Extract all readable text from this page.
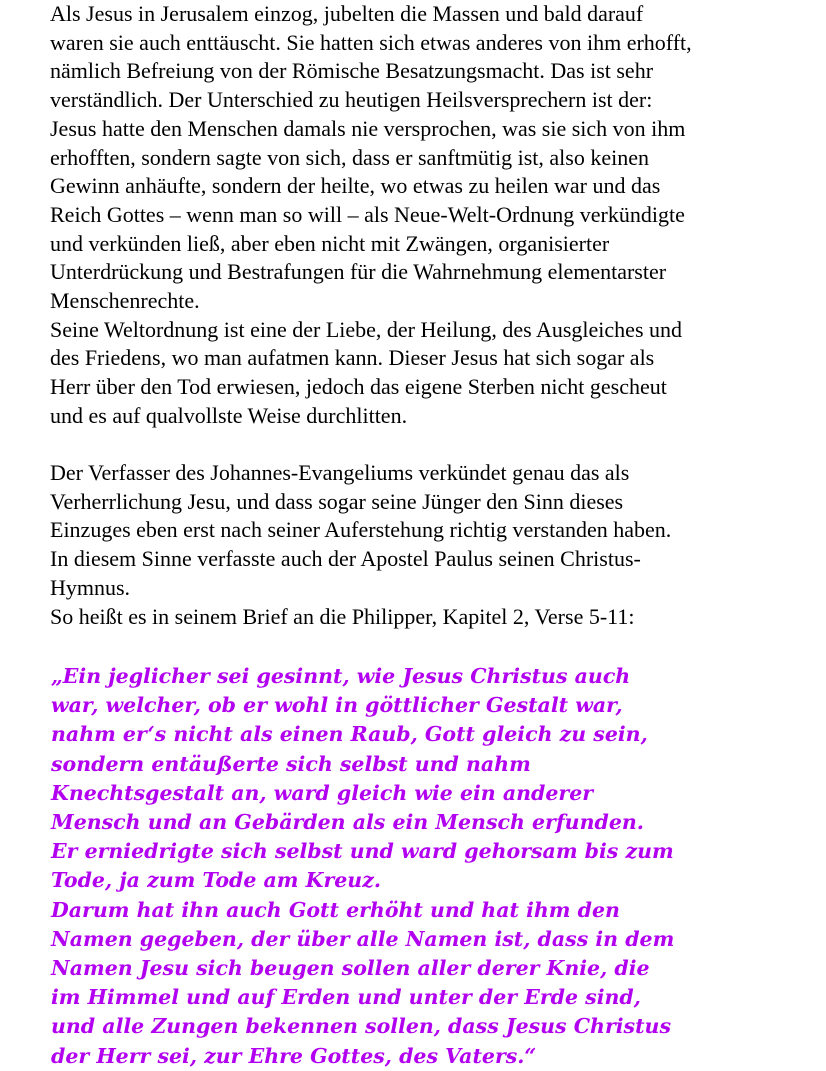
Als Jesus in Jerusalem einzog, jubelten die Massen und bald darauf
waren sie auch enttäuscht. Sie hatten sich etwas anderes von ihm erhofft,
nämlich Befreiung von der Römische Besatzungsmacht. Das ist sehr
verständlich. Der Unterschied zu heutigen Heilsversprechern ist der:
Jesus hatte den Menschen damals nie versprochen, was sie sich von ihm
erhofften, sondern sagte von sich, dass er sanftmütig ist, also keinen
Gewinn anhäufte, sondern der heilte, wo etwas zu heilen war und das
Reich Gottes – wenn man so will – als Neue-Welt-Ordnung verkündigte
und verkünden ließ, aber eben nicht mit Zwängen, organisierter
Unterdrückung und Bestrafungen für die Wahrnehmung elementarster
Menschenrechte.
Seine Weltordnung ist eine der Liebe, der Heilung, des Ausgleiches und
des Friedens, wo man aufatmen kann. Dieser Jesus hat sich sogar als
Herr über den Tod erwiesen, jedoch das eigene Sterben nicht gescheut
und es auf qualvollste Weise durchlitten.
Der Verfasser des Johannes-Evangeliums verkündet genau das als
Verherrlichung Jesu, und dass sogar seine Jünger den Sinn dieses
Einzuges eben erst nach seiner Auferstehung richtig verstanden haben.
In diesem Sinne verfasste auch der Apostel Paulus seinen Christus-
Hymnus.
So heißt es in seinem Brief an die Philipper, Kapitel 2, Verse 5-11:
„Ein jeglicher sei gesinnt, wie Jesus Christus auch
war, welcher, ob er wohl in göttlicher Gestalt war,
nahm er‘s nicht als einen Raub, Gott gleich zu sein,
sondern entäußerte sich selbst und nahm
Knechtsgestalt an, ward gleich wie ein anderer
Mensch und an Gebärden als ein Mensch erfunden.
Er erniedrigte sich selbst und ward gehorsam bis zum
Tode, ja zum Tode am Kreuz.
Darum hat ihn auch Gott erhöht und hat ihm den
Namen gegeben, der über alle Namen ist, dass in dem
Namen Jesu sich beugen sollen aller derer Knie, die
im Himmel und auf Erden und unter der Erde sind,
und alle Zungen bekennen sollen, dass Jesus Christus
der Herr sei, zur Ehre Gottes, des Vaters.“
